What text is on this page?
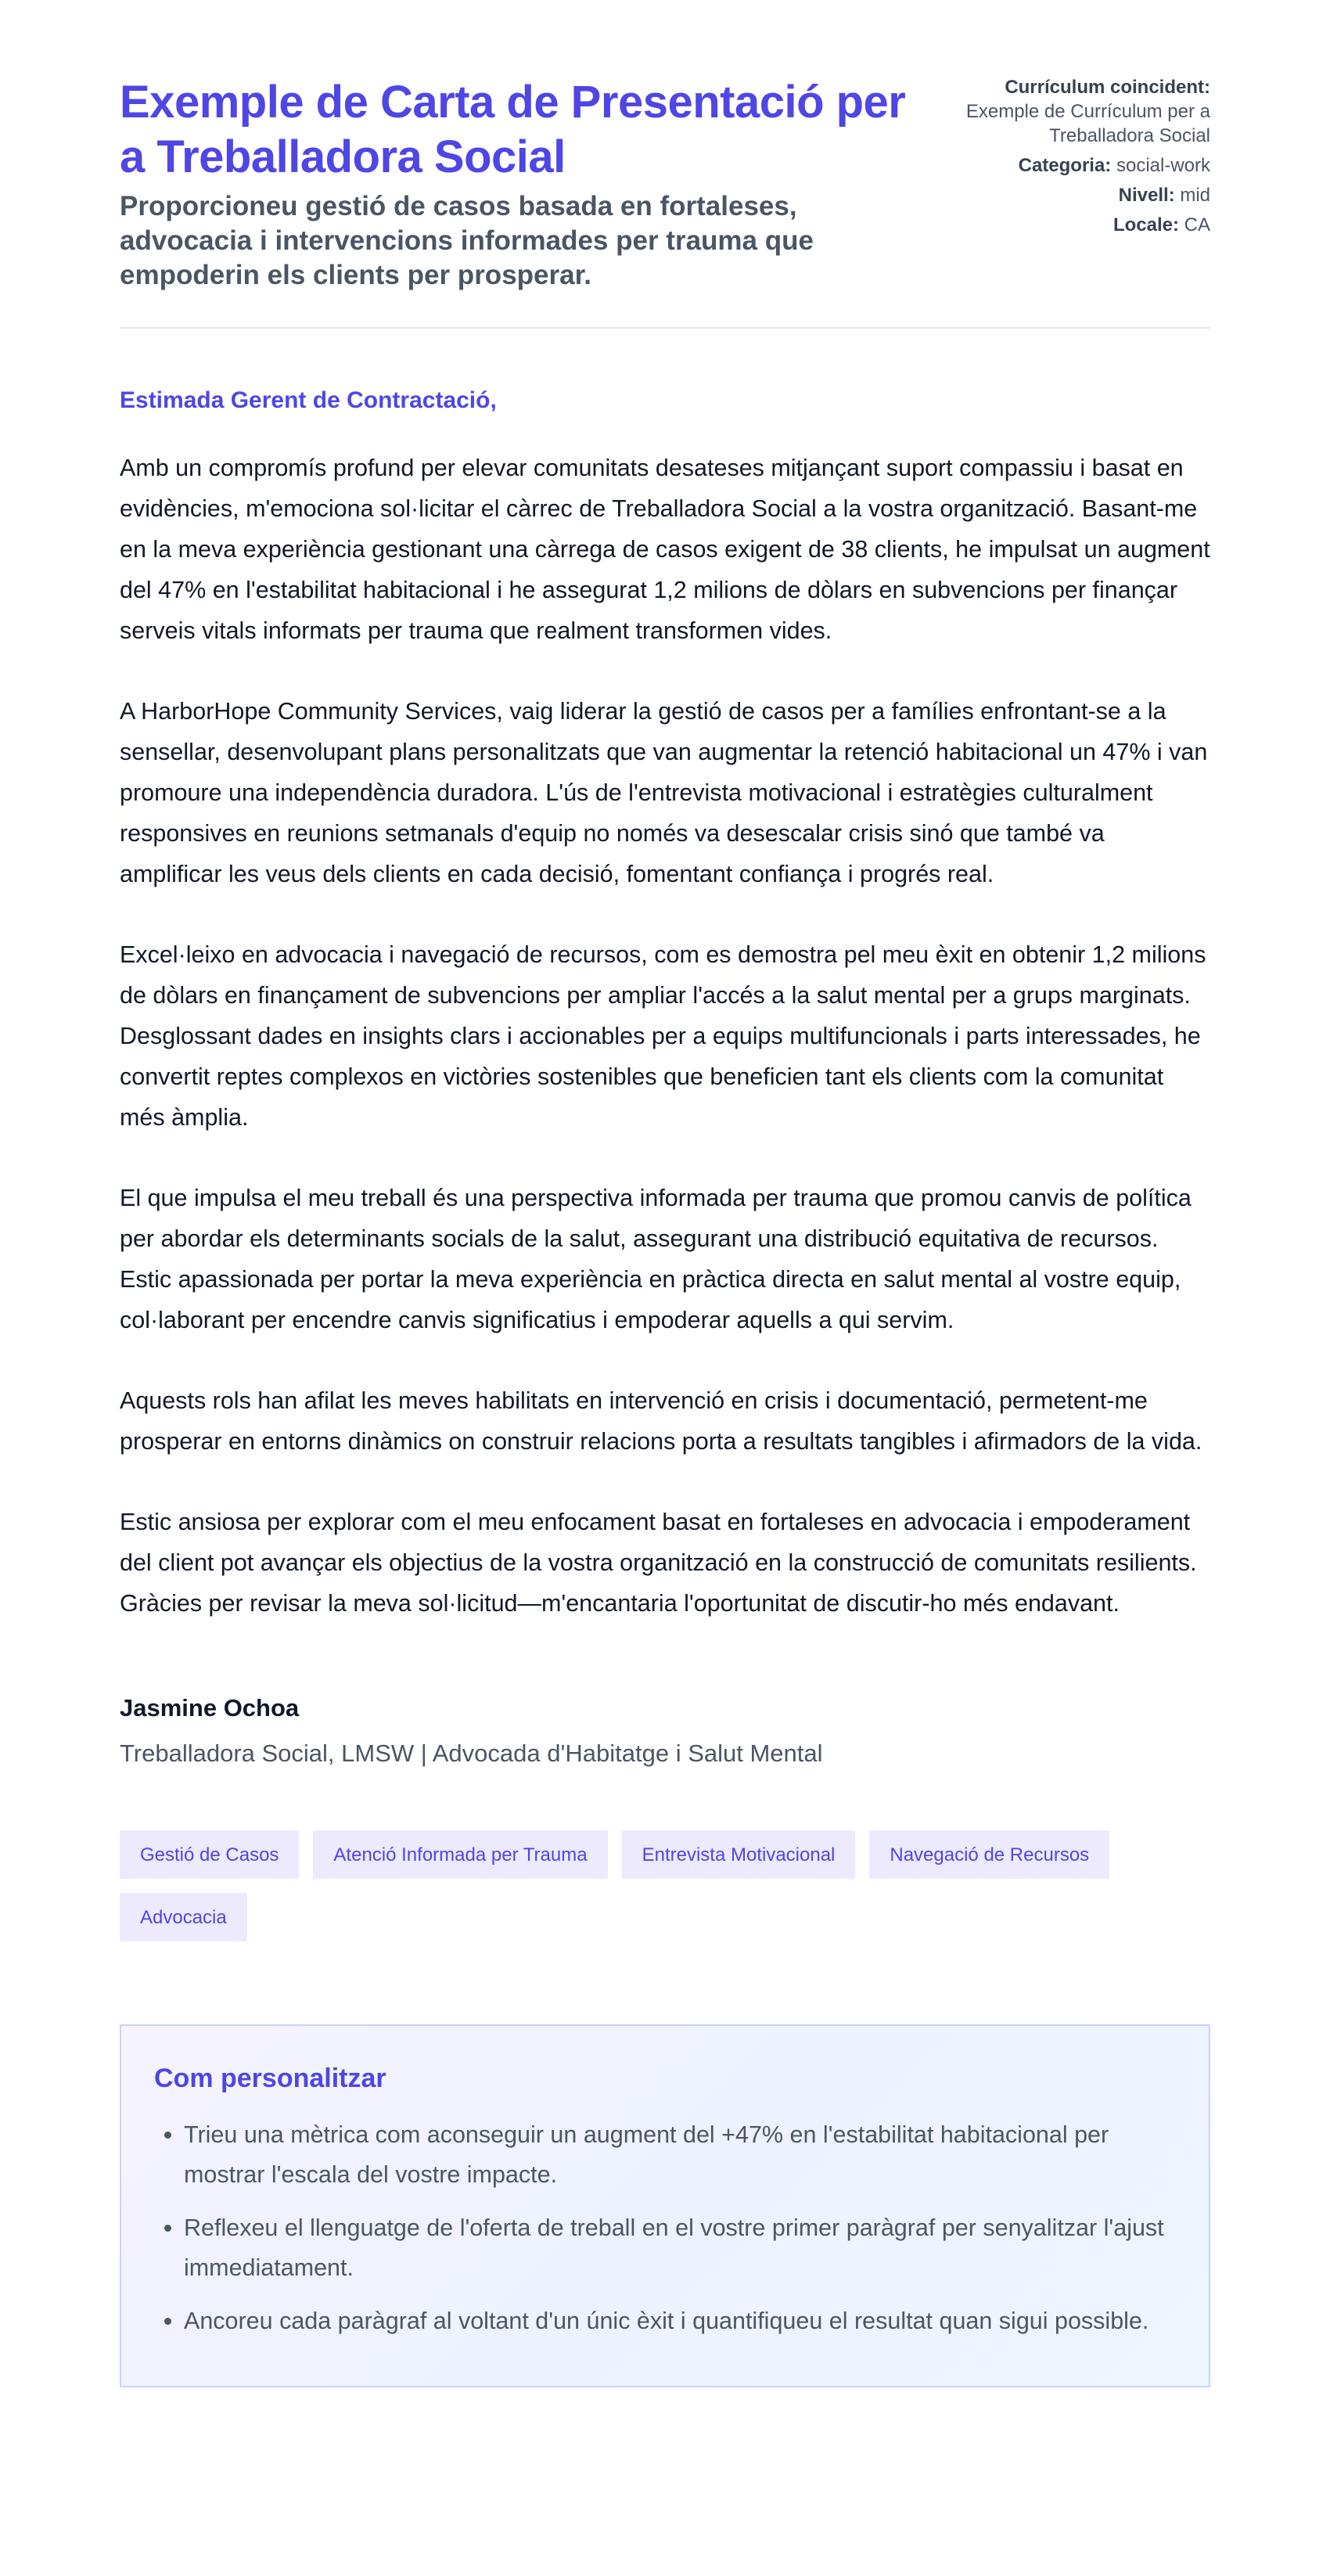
Exemple de Carta de Presentació per a Treballadora Social
Proporcioneu gestió de casos basada en fortaleses, advocacia i intervencions informades per trauma que empoderin els clients per prosperar.
Currículum coincident:
Exemple de Currículum per a Treballadora Social
Categoria: social-work
Nivell: mid
Locale: CA
Estimada Gerent de Contractació,

Amb un compromís profund per elevar comunitats desateses mitjançant suport compassiu i basat en evidències, m'emociona sol·licitar el càrrec de Treballadora Social a la vostra organització. Basant-me en la meva experiència gestionant una càrrega de casos exigent de 38 clients, he impulsat un augment del 47% en l'estabilitat habitacional i he assegurat 1,2 milions de dòlars en subvencions per finançar serveis vitals informats per trauma que realment transformen vides.

A HarborHope Community Services, vaig liderar la gestió de casos per a famílies enfrontant-se a la sensellar, desenvolupant plans personalitzats que van augmentar la retenció habitacional un 47% i van promoure una independència duradora. L'ús de l'entrevista motivacional i estratègies culturalment responsives en reunions setmanals d'equip no només va desescalar crisis sinó que també va amplificar les veus dels clients en cada decisió, fomentant confiança i progrés real.

Excel·leixo en advocacia i navegació de recursos, com es demostra pel meu èxit en obtenir 1,2 milions de dòlars en finançament de subvencions per ampliar l'accés a la salut mental per a grups marginats. Desglossant dades en insights clars i accionables per a equips multifuncionals i parts interessades, he convertit reptes complexos en victòries sostenibles que beneficien tant els clients com la comunitat més àmplia.

El que impulsa el meu treball és una perspectiva informada per trauma que promou canvis de política per abordar els determinants socials de la salut, assegurant una distribució equitativa de recursos. Estic apassionada per portar la meva experiència en pràctica directa en salut mental al vostre equip, col·laborant per encendre canvis significatius i empoderar aquells a qui servim.

Aquests rols han afilat les meves habilitats en intervenció en crisis i documentació, permetent-me prosperar en entorns dinàmics on construir relacions porta a resultats tangibles i afirmadors de la vida.

Estic ansiosa per explorar com el meu enfocament basat en fortaleses en advocacia i empoderament del client pot avançar els objectius de la vostra organització en la construcció de comunitats resilients. Gràcies per revisar la meva sol·licitud—m'encantaria l'oportunitat de discutir-ho més endavant.

Jasmine Ochoa
Treballadora Social, LMSW | Advocada d'Habitatge i Salut Mental
Gestió de Casos	Atenció Informada per Trauma	Entrevista Motivacional	Navegació de Recursos
Advocacia
Com personalitzar
• Trieu una mètrica com aconseguir un augment del +47% en l'estabilitat habitacional per mostrar l'escala del vostre impacte.
• Reflexeu el llenguatge de l'oferta de treball en el vostre primer paràgraf per senyalitzar l'ajust immediatament.
• Ancoreu cada paràgraf al voltant d'un únic èxit i quantifiqueu el resultat quan sigui possible.
